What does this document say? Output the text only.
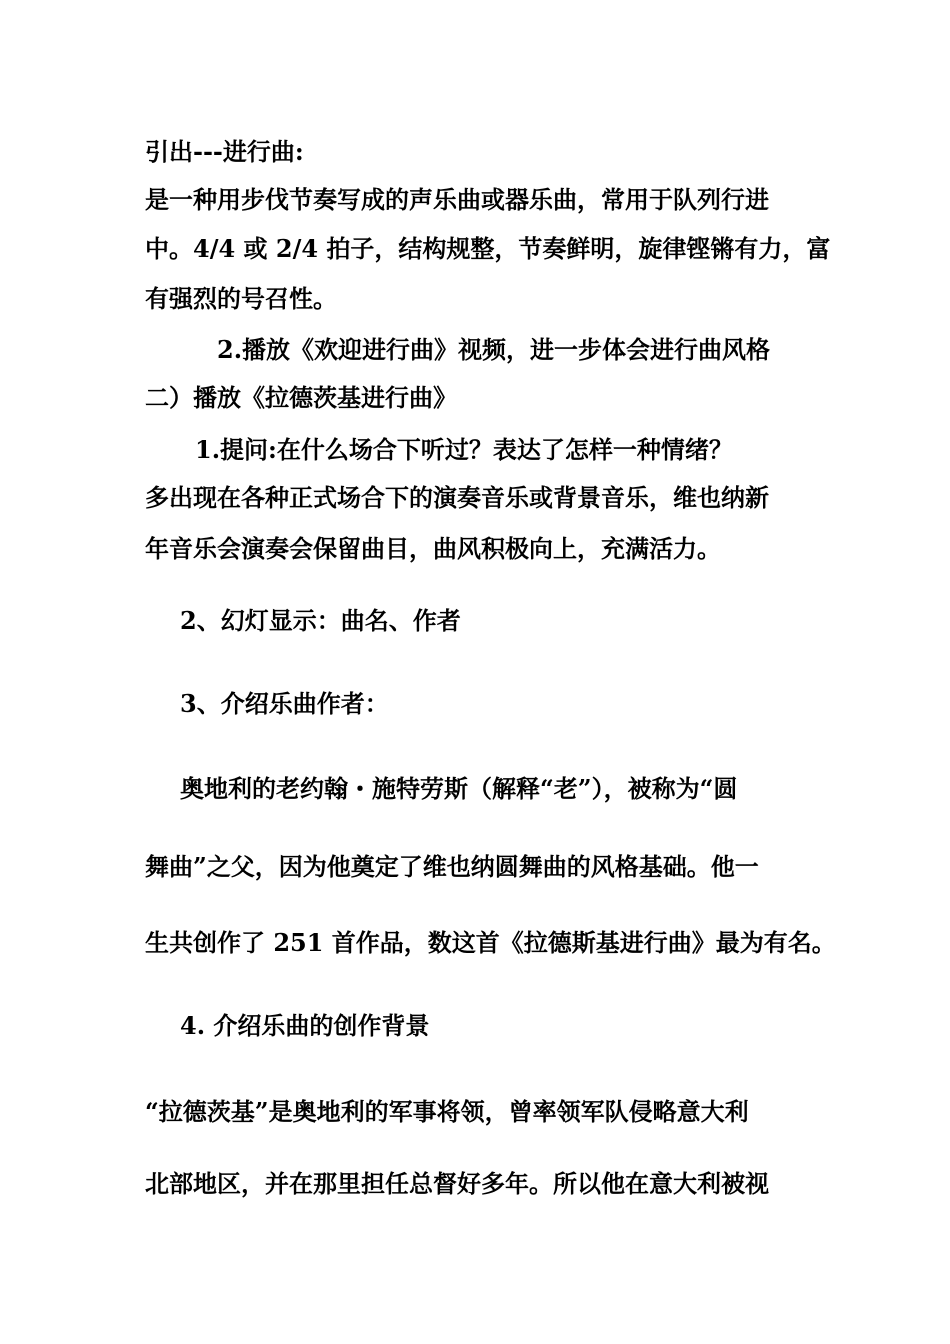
引出---进行曲:
是一种用步伐节奏写成的声乐曲或器乐曲，常用于队列行进
中。4/4 或 2/4 拍子，结构规整，节奏鲜明，旋律铿锵有力，富
有强烈的号召性。
2.播放《欢迎进行曲》视频，进一步体会进行曲风格
二）播放《拉德茨基进行曲》
1.提问:在什么场合下听过？表达了怎样一种情绪？
多出现在各种正式场合下的演奏音乐或背景音乐，维也纳新
年音乐会演奏会保留曲目，曲风积极向上，充满活力。
2、幻灯显示：曲名、作者
3、介绍乐曲作者：
奥地利的老约翰・施特劳斯（解释“老”），被称为“圆
舞曲”之父，因为他奠定了维也纳圆舞曲的风格基础。他一
生共创作了 251 首作品，数这首《拉德斯基进行曲》最为有名。
4. 介绍乐曲的创作背景
“拉德茨基”是奥地利的军事将领，曾率领军队侵略意大利
北部地区，并在那里担任总督好多年。所以他在意大利被视
